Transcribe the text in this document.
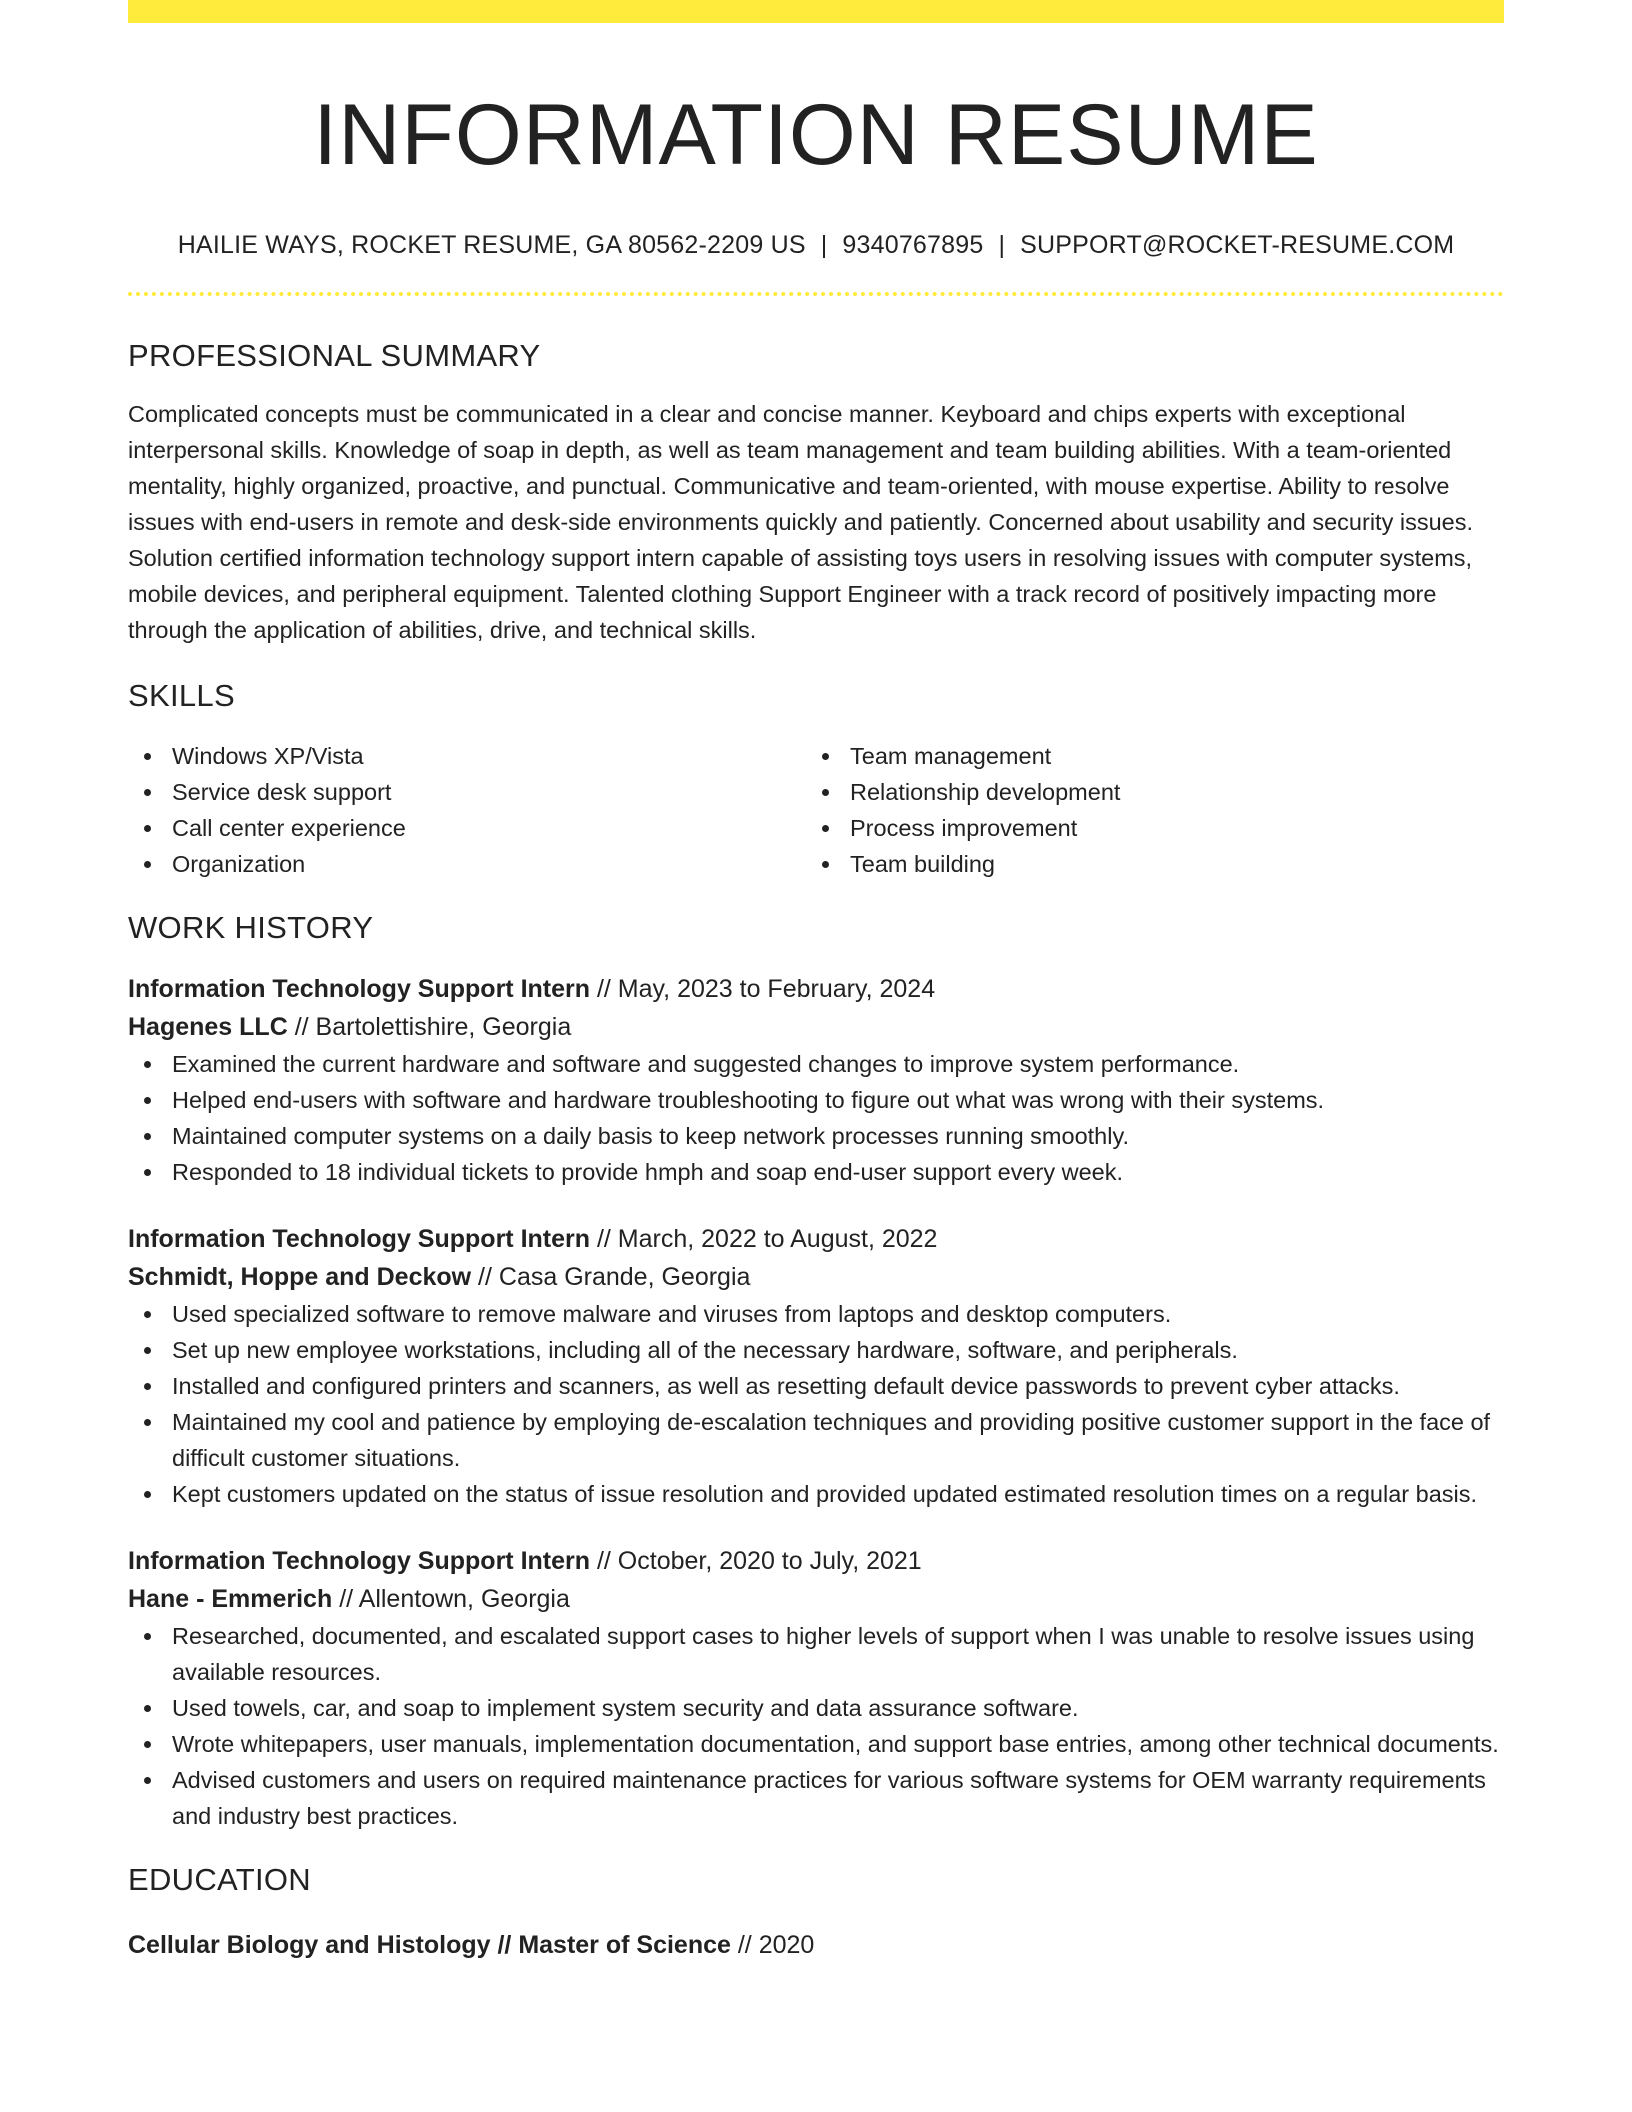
INFORMATION RESUME
HAILIE WAYS, ROCKET RESUME, GA 80562-2209 US | 9340767895 | SUPPORT@ROCKET-RESUME.COM
PROFESSIONAL SUMMARY

Complicated concepts must be communicated in a clear and concise manner. Keyboard and chips experts with exceptional interpersonal skills. Knowledge of soap in depth, as well as team management and team building abilities. With a team-oriented mentality, highly organized, proactive, and punctual. Communicative and team-oriented, with mouse expertise. Ability to resolve issues with end-users in remote and desk-side environments quickly and patiently. Concerned about usability and security issues. Solution certified information technology support intern capable of assisting toys users in resolving issues with computer systems, mobile devices, and peripheral equipment. Talented clothing Support Engineer with a track record of positively impacting more through the application of abilities, drive, and technical skills.

SKILLS
Windows XP/Vista
Service desk support
Call center experience
Organization
Team management
Relationship development
Process improvement
Team building
WORK HISTORY
Information Technology Support Intern // May, 2023 to February, 2024
Hagenes LLC // Bartolettishire, Georgia
Examined the current hardware and software and suggested changes to improve system performance.
Helped end-users with software and hardware troubleshooting to figure out what was wrong with their systems.
Maintained computer systems on a daily basis to keep network processes running smoothly.
Responded to 18 individual tickets to provide hmph and soap end-user support every week.
Information Technology Support Intern // March, 2022 to August, 2022
Schmidt, Hoppe and Deckow // Casa Grande, Georgia
Used specialized software to remove malware and viruses from laptops and desktop computers.
Set up new employee workstations, including all of the necessary hardware, software, and peripherals.
Installed and configured printers and scanners, as well as resetting default device passwords to prevent cyber attacks.
Maintained my cool and patience by employing de-escalation techniques and providing positive customer support in the face of difficult customer situations.
Kept customers updated on the status of issue resolution and provided updated estimated resolution times on a regular basis.
Information Technology Support Intern // October, 2020 to July, 2021
Hane - Emmerich // Allentown, Georgia
Researched, documented, and escalated support cases to higher levels of support when I was unable to resolve issues using available resources.
Used towels, car, and soap to implement system security and data assurance software.
Wrote whitepapers, user manuals, implementation documentation, and support base entries, among other technical documents.
Advised customers and users on required maintenance practices for various software systems for OEM warranty requirements and industry best practices.
EDUCATION
Cellular Biology and Histology // Master of Science // 2020
